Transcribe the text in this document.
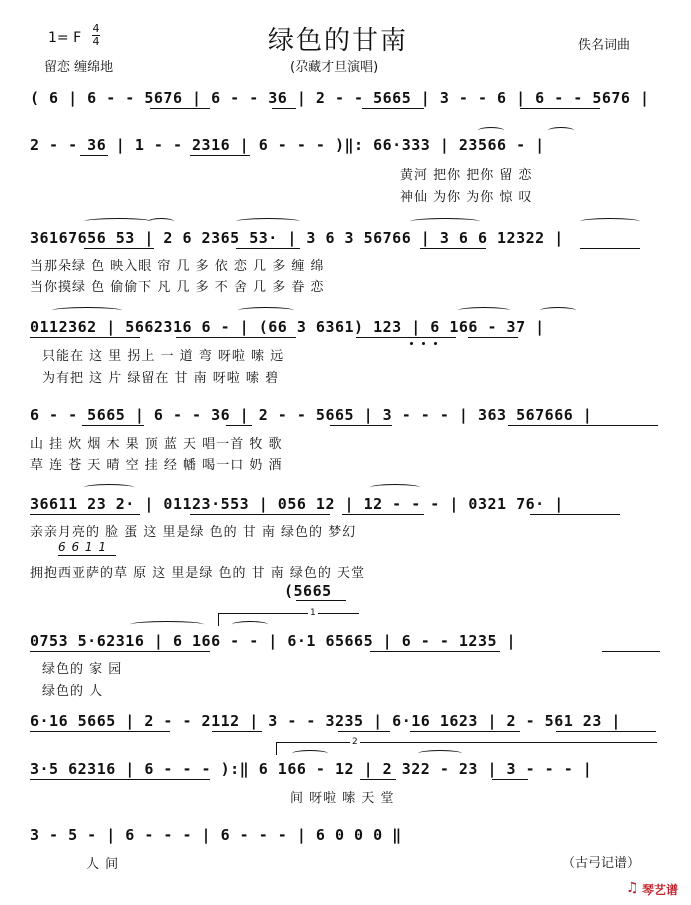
1= F
4
4	绿色的甘南	佚名词曲
留恋 缠绵地	(尕藏才旦演唱)
( 6 | 6 - - 5676 | 6 - - 36 | 2 - - 5665 | 3 - - 6 | 6 - - 5676 |
2 - - 36 | 1 - - 2316 | 6 - - - )‖: 66·333 | 23566 - |
黄河 把你 把你 留 恋
神仙 为你 为你 惊 叹
36167656 53 | 2 6 2365 53· | 3 6 3 56766 | 3 6 6 12322 |
当那朵绿 色 映入眼 帘 几 多 依 恋 几 多 缠 绵
当你摸绿 色 偷偷下 凡 几 多 不 舍 几 多 眷 恋
0112362 | 5662316 6 - | (66 3 6361) 123 | 6 166 - 37 |
只能在 这 里 拐上 一 道 弯 呀啦 嗦 远
为有把 这 片 绿留在 甘 南 呀啦 嗦 碧
6 - - 5665 | 6 - - 36 | 2 - - 5665 | 3 - - - | 363 567666 |
山 挂 炊 烟 木 果 顶 蓝 天 唱一首 牧 歌
草 连 苍 天 晴 空 挂 经 幡 喝一口 奶 酒
36611 23 2· | 01123·553 | 056 12 | 12 - - - | 0321 76· |
亲亲月亮的 脸 蛋 这 里是绿 色的 甘 南 绿色的 梦幻
6 6 1 1
拥抱西亚萨的草 原 这 里是绿 色的 甘 南 绿色的 天堂
(5665
1
0753 5·62316 | 6 166 - - | 6·1 65665 | 6 - - 1235 |
绿色的 家 园
绿色的 人
6·16 5665 | 2 - - 2112 | 3 - - 3235 | 6·16 1623 | 2 - 561 23 |
2
3·5 62316 | 6 - - - ):‖ 6 166 - 12 | 2 322 - 23 | 3 - - - |
间 呀啦 嗦 天 堂
3 - 5 - | 6 - - - | 6 - - - | 6 0 0 0 ‖
人 间	（古弓记谱）
♫ 琴艺谱
